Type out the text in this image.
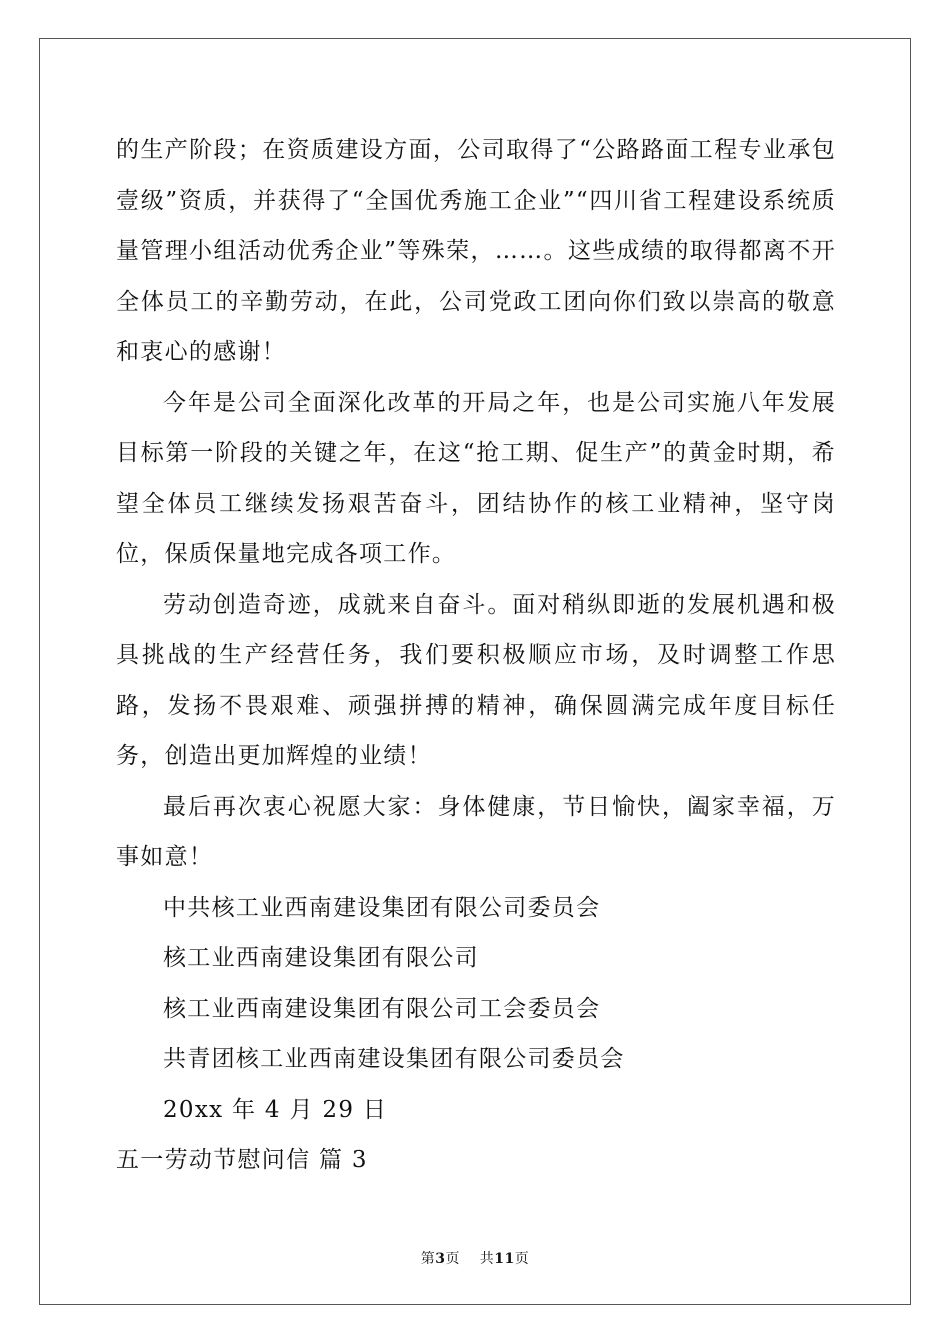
的生产阶段；在资质建设方面，公司取得了“公路路面工程专业承包壹级”资质，并获得了“全国优秀施工企业”“四川省工程建设系统质量管理小组活动优秀企业”等殊荣，……。这些成绩的取得都离不开全体员工的辛勤劳动，在此，公司党政工团向你们致以崇高的敬意和衷心的感谢！

今年是公司全面深化改革的开局之年，也是公司实施八年发展目标第一阶段的关键之年，在这“抢工期、促生产”的黄金时期，希望全体员工继续发扬艰苦奋斗，团结协作的核工业精神，坚守岗位，保质保量地完成各项工作。

劳动创造奇迹，成就来自奋斗。面对稍纵即逝的发展机遇和极具挑战的生产经营任务，我们要积极顺应市场，及时调整工作思路，发扬不畏艰难、顽强拼搏的精神，确保圆满完成年度目标任务，创造出更加辉煌的业绩！

最后再次衷心祝愿大家：身体健康，节日愉快，阖家幸福，万事如意！

中共核工业西南建设集团有限公司委员会

核工业西南建设集团有限公司

核工业西南建设集团有限公司工会委员会

共青团核工业西南建设集团有限公司委员会

20xx 年 4 月 29 日

五一劳动节慰问信 篇 3

第3页    共11页
